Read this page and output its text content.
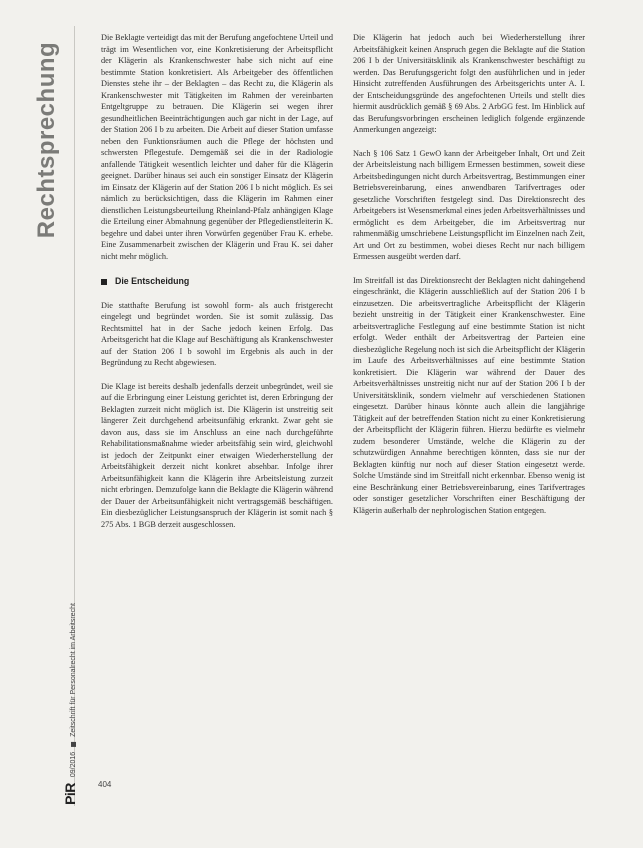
Rechtsprechung
PiR 09/2016  Zeitschrift für Personalrecht im Arbeitsrecht
404

Die Beklagte verteidigt das mit der Berufung angefochtene Urteil und trägt im Wesentlichen vor, eine Konkretisierung der Arbeitspflicht der Klägerin als Krankenschwester habe sich nicht auf eine bestimmte Station konkretisiert. Als Arbeitgeber des öffentlichen Dienstes stehe ihr – der Beklagten – das Recht zu, die Klägerin als Krankenschwester mit Tätigkeiten im Rahmen der vereinbarten Entgeltgruppe zu betrauen. Die Klägerin sei wegen ihrer gesundheitlichen Beeinträchtigungen auch gar nicht in der Lage, auf der Station 206 I b zu arbeiten. Die Arbeit auf dieser Station umfasse neben den Funktionsräumen auch die Pflege der höchsten und schwersten Pflegestufe. Demgemäß sei die in der Radiologie anfallende Tätigkeit wesentlich leichter und daher für die Klägerin geeignet. Darüber hinaus sei auch ein sonstiger Einsatz der Klägerin im Einsatz der Klägerin auf der Station 206 I b nicht möglich. Es sei nämlich zu berücksichtigen, dass die Klägerin im Rahmen einer dienstlichen Leistungsbeurteilung Rheinland-Pfalz anhängigen Klage die Erteilung einer Abmahnung gegenüber der Pflegedienstleiterin K. begehre und dabei unter ihren Vorwürfen gegenüber Frau K. erhebe. Eine Zusammenarbeit zwischen der Klägerin und Frau K. sei daher nicht mehr möglich.

Die Entscheidung

Die statthafte Berufung ist sowohl form- als auch fristgerecht eingelegt und begründet worden. Sie ist somit zulässig. Das Rechtsmittel hat in der Sache jedoch keinen Erfolg. Das Arbeitsgericht hat die Klage auf Beschäftigung als Krankenschwester auf der Station 206 I b sowohl im Ergebnis als auch in der Begründung zu Recht abgewiesen.

Die Klage ist bereits deshalb jedenfalls derzeit unbegründet, weil sie auf die Erbringung einer Leistung gerichtet ist, deren Erbringung der Beklagten zurzeit nicht möglich ist. Die Klägerin ist unstreitig seit längerer Zeit durchgehend arbeitsunfähig erkrankt. Zwar geht sie davon aus, dass sie im Anschluss an eine nach durchgeführte Rehabilitationsmaßnahme wieder arbeitsfähig sein wird, gleichwohl ist jedoch der Zeitpunkt einer etwaigen Wiederherstellung der Arbeitsfähigkeit derzeit nicht konkret absehbar. Infolge ihrer Arbeitsunfähigkeit kann die Klägerin ihre Arbeitsleistung zurzeit nicht erbringen. Demzufolge kann die Beklagte die Klägerin während der Dauer der Arbeitsunfähigkeit nicht vertragsgemäß beschäftigen. Ein diesbezüglicher Leistungsanspruch der Klägerin ist somit nach § 275 Abs. 1 BGB derzeit ausgeschlossen.

Die Klägerin hat jedoch auch bei Wiederherstellung ihrer Arbeitsfähigkeit keinen Anspruch gegen die Beklagte auf die Station 206 I b der Universitätsklinik als Krankenschwester beschäftigt zu werden. Das Berufungsgericht folgt den ausführlichen und in jeder Hinsicht zutreffenden Ausführungen des Arbeitsgerichts unter A. I. der Entscheidungsgründe des angefochtenen Urteils und stellt dies hiermit ausdrücklich gemäß § 69 Abs. 2 ArbGG fest. Im Hinblick auf das Berufungsvorbringen erscheinen lediglich folgende ergänzende Anmerkungen angezeigt:

Nach § 106 Satz 1 GewO kann der Arbeitgeber Inhalt, Ort und Zeit der Arbeitsleistung nach billigem Ermessen bestimmen, soweit diese Arbeitsbedingungen nicht durch Arbeitsvertrag, Bestimmungen einer Betriebsvereinbarung, eines anwendbaren Tarifvertrages oder gesetzliche Vorschriften festgelegt sind. Das Direktionsrecht des Arbeitgebers ist Wesensmerkmal eines jeden Arbeitsverhältnisses und ermöglicht es dem Arbeitgeber, die im Arbeitsvertrag nur rahmenmäßig umschriebene Leistungspflicht im Einzelnen nach Zeit, Art und Ort zu bestimmen, wobei dieses Recht nur nach billigem Ermessen ausgeübt werden darf.

Im Streitfall ist das Direktionsrecht der Beklagten nicht dahingehend eingeschränkt, die Klägerin ausschließlich auf der Station 206 I b einzusetzen. Die arbeitsvertragliche Arbeitspflicht der Klägerin bezieht unstreitig in der Tätigkeit einer Krankenschwester. Eine arbeitsvertragliche Festlegung auf eine bestimmte Station ist nicht erfolgt. Weder enthält der Arbeitsvertrag der Parteien eine diesbezügliche Regelung noch ist sich die Arbeitspflicht der Klägerin im Laufe des Arbeitsverhältnisses auf eine bestimmte Station konkretisiert. Die Klägerin war während der Dauer des Arbeitsverhältnisses unstreitig nicht nur auf der Station 206 I b der Universitätsklinik, sondern vielmehr auf verschiedenen Stationen eingesetzt. Darüber hinaus könnte auch allein die langjährige Tätigkeit auf der betreffenden Station nicht zu einer Konkretisierung der Arbeitspflicht der Klägerin führen. Hierzu bedürfte es vielmehr zudem besonderer Umstände, welche die Klägerin zu der schutzwürdigen Annahme berechtigen könnten, dass sie nur der Beklagten künftig nur noch auf dieser Station eingesetzt werde. Solche Umstände sind im Streitfall nicht erkennbar. Ebenso wenig ist eine Beschränkung einer Betriebsvereinbarung, eines Tarifvertrages oder sonstiger gesetzlicher Vorschriften einer Beschäftigung der Klägerin außerhalb der nephrologischen Station entgegen.
